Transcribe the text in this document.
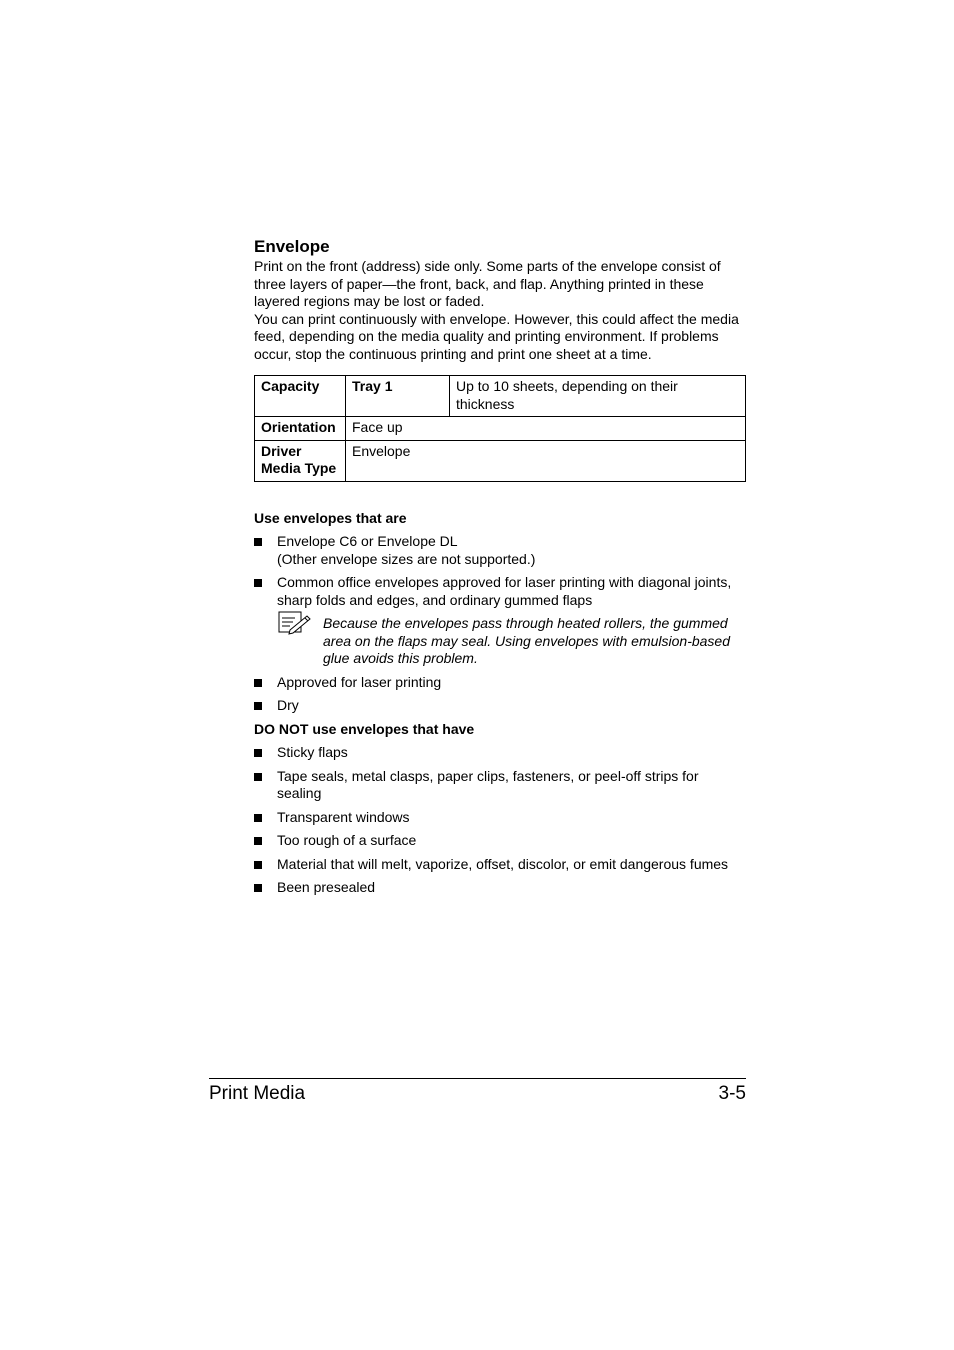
Envelope

Print on the front (address) side only. Some parts of the envelope consist of three layers of paper—the front, back, and flap. Anything printed in these layered regions may be lost or faded.

You can print continuously with envelope. However, this could affect the media feed, depending on the media quality and printing environment. If problems occur, stop the continuous printing and print one sheet at a time.

Capacity	Tray 1	Up to 10 sheets, depending on their thickness
Orientation	Face up	
Driver Media Type	Envelope	

Use envelopes that are

Envelope C6 or Envelope DL
(Other envelope sizes are not supported.)
Common office envelopes approved for laser printing with diagonal joints, sharp folds and edges, and ordinary gummed flaps
Because the envelopes pass through heated rollers, the gummed area on the flaps may seal. Using envelopes with emulsion-based glue avoids this problem.
Approved for laser printing
Dry

DO NOT use envelopes that have

Sticky flaps
Tape seals, metal clasps, paper clips, fasteners, or peel-off strips for sealing
Transparent windows
Too rough of a surface
Material that will melt, vaporize, offset, discolor, or emit dangerous fumes
Been presealed
Print Media	3-5
